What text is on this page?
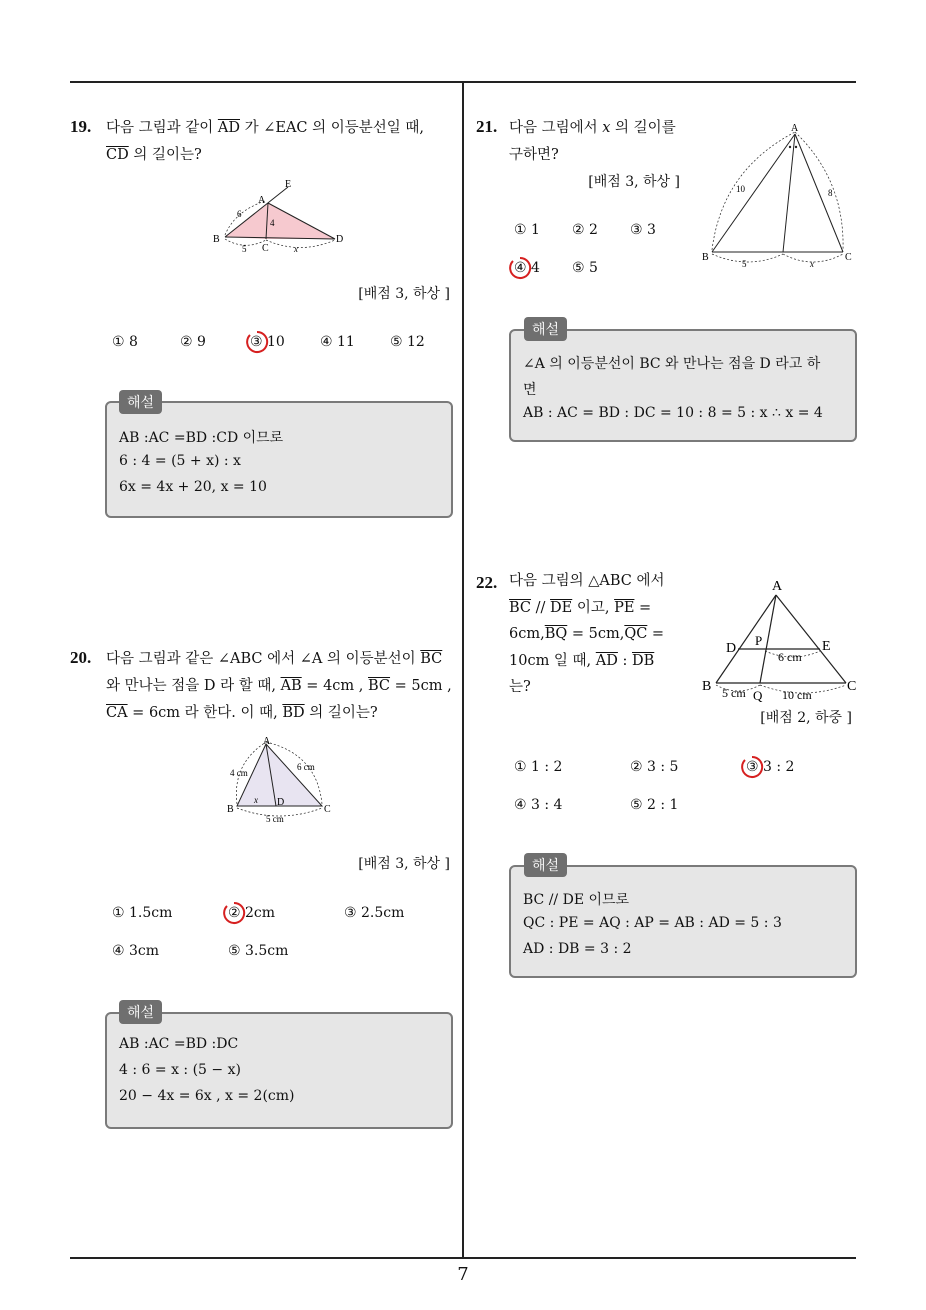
7
19. 다음 그림과 같이 $\overline{AD}$ 가 ∠EAC 의 이등분선일 때,
$\overline{CD}$ 의 길이는?
B
A
E
C
D
6
4
5	x
[배점 3, 하상 ]
① 8	② 9	③ 10	④ 11	⑤ 12
AB :AC =BD :CD 이므로
6 : 4 = (5 + x) : x
6x = 4x + 20, x = 10
해설
20. 다음 그림과 같은 ∠ABC 에서 ∠A 의 이등분선이 $\overline{BC}$
와 만나는 점을 D 라 할 때, $\overline{AB} = 4cm$ , $\overline{BC} = 5cm$ ,
$\overline{CA} = 6cm$ 라 한다. 이 때, $\overline{BD}$ 의 길이는?
A
B	C
D
4 cm
6 cm
5 cm
x
[배점 3, 하상 ]
① 1.5cm	② 2cm	③ 2.5cm
④ 3cm	⑤ 3.5cm
AB :AC =BD :DC
4 : 6 = x : (5 − x)
20 − 4x = 6x , x = 2(cm)
해설
21. 다음 그림에서 x 의 길이를
구하면?
[배점 3, 하상 ]
A
B	C
10	8
5	x
① 1 ② 2 ③ 3
④ 4 ⑤ 5
∠A 의 이등분선이 BC 와 만나는 점을 D 라고 하
면
AB : AC = BD : DC = 10 : 8 = 5 : x ∴ x = 4
해설
22. 다음 그림의 △ABC 에서
$\overline{BC} // \overline{DE}$ 이고, $\overline{PE}$ =
$6cm,\overline{BQ} = 5cm,\overline{QC}$ =
10cm 일 때, $\overline{AD}$ : $\overline{DB}$
는?
A
D	E
P
B	C
Q
6 cm
5 cm	10 cm
[배점 2, 하중 ]
① 1 : 2	② 3 : 5	③ 3 : 2
④ 3 : 4	⑤ 2 : 1
BC // DE 이므로
QC : PE = AQ : AP = AB : AD = 5 : 3
AD : DB = 3 : 2
해설
